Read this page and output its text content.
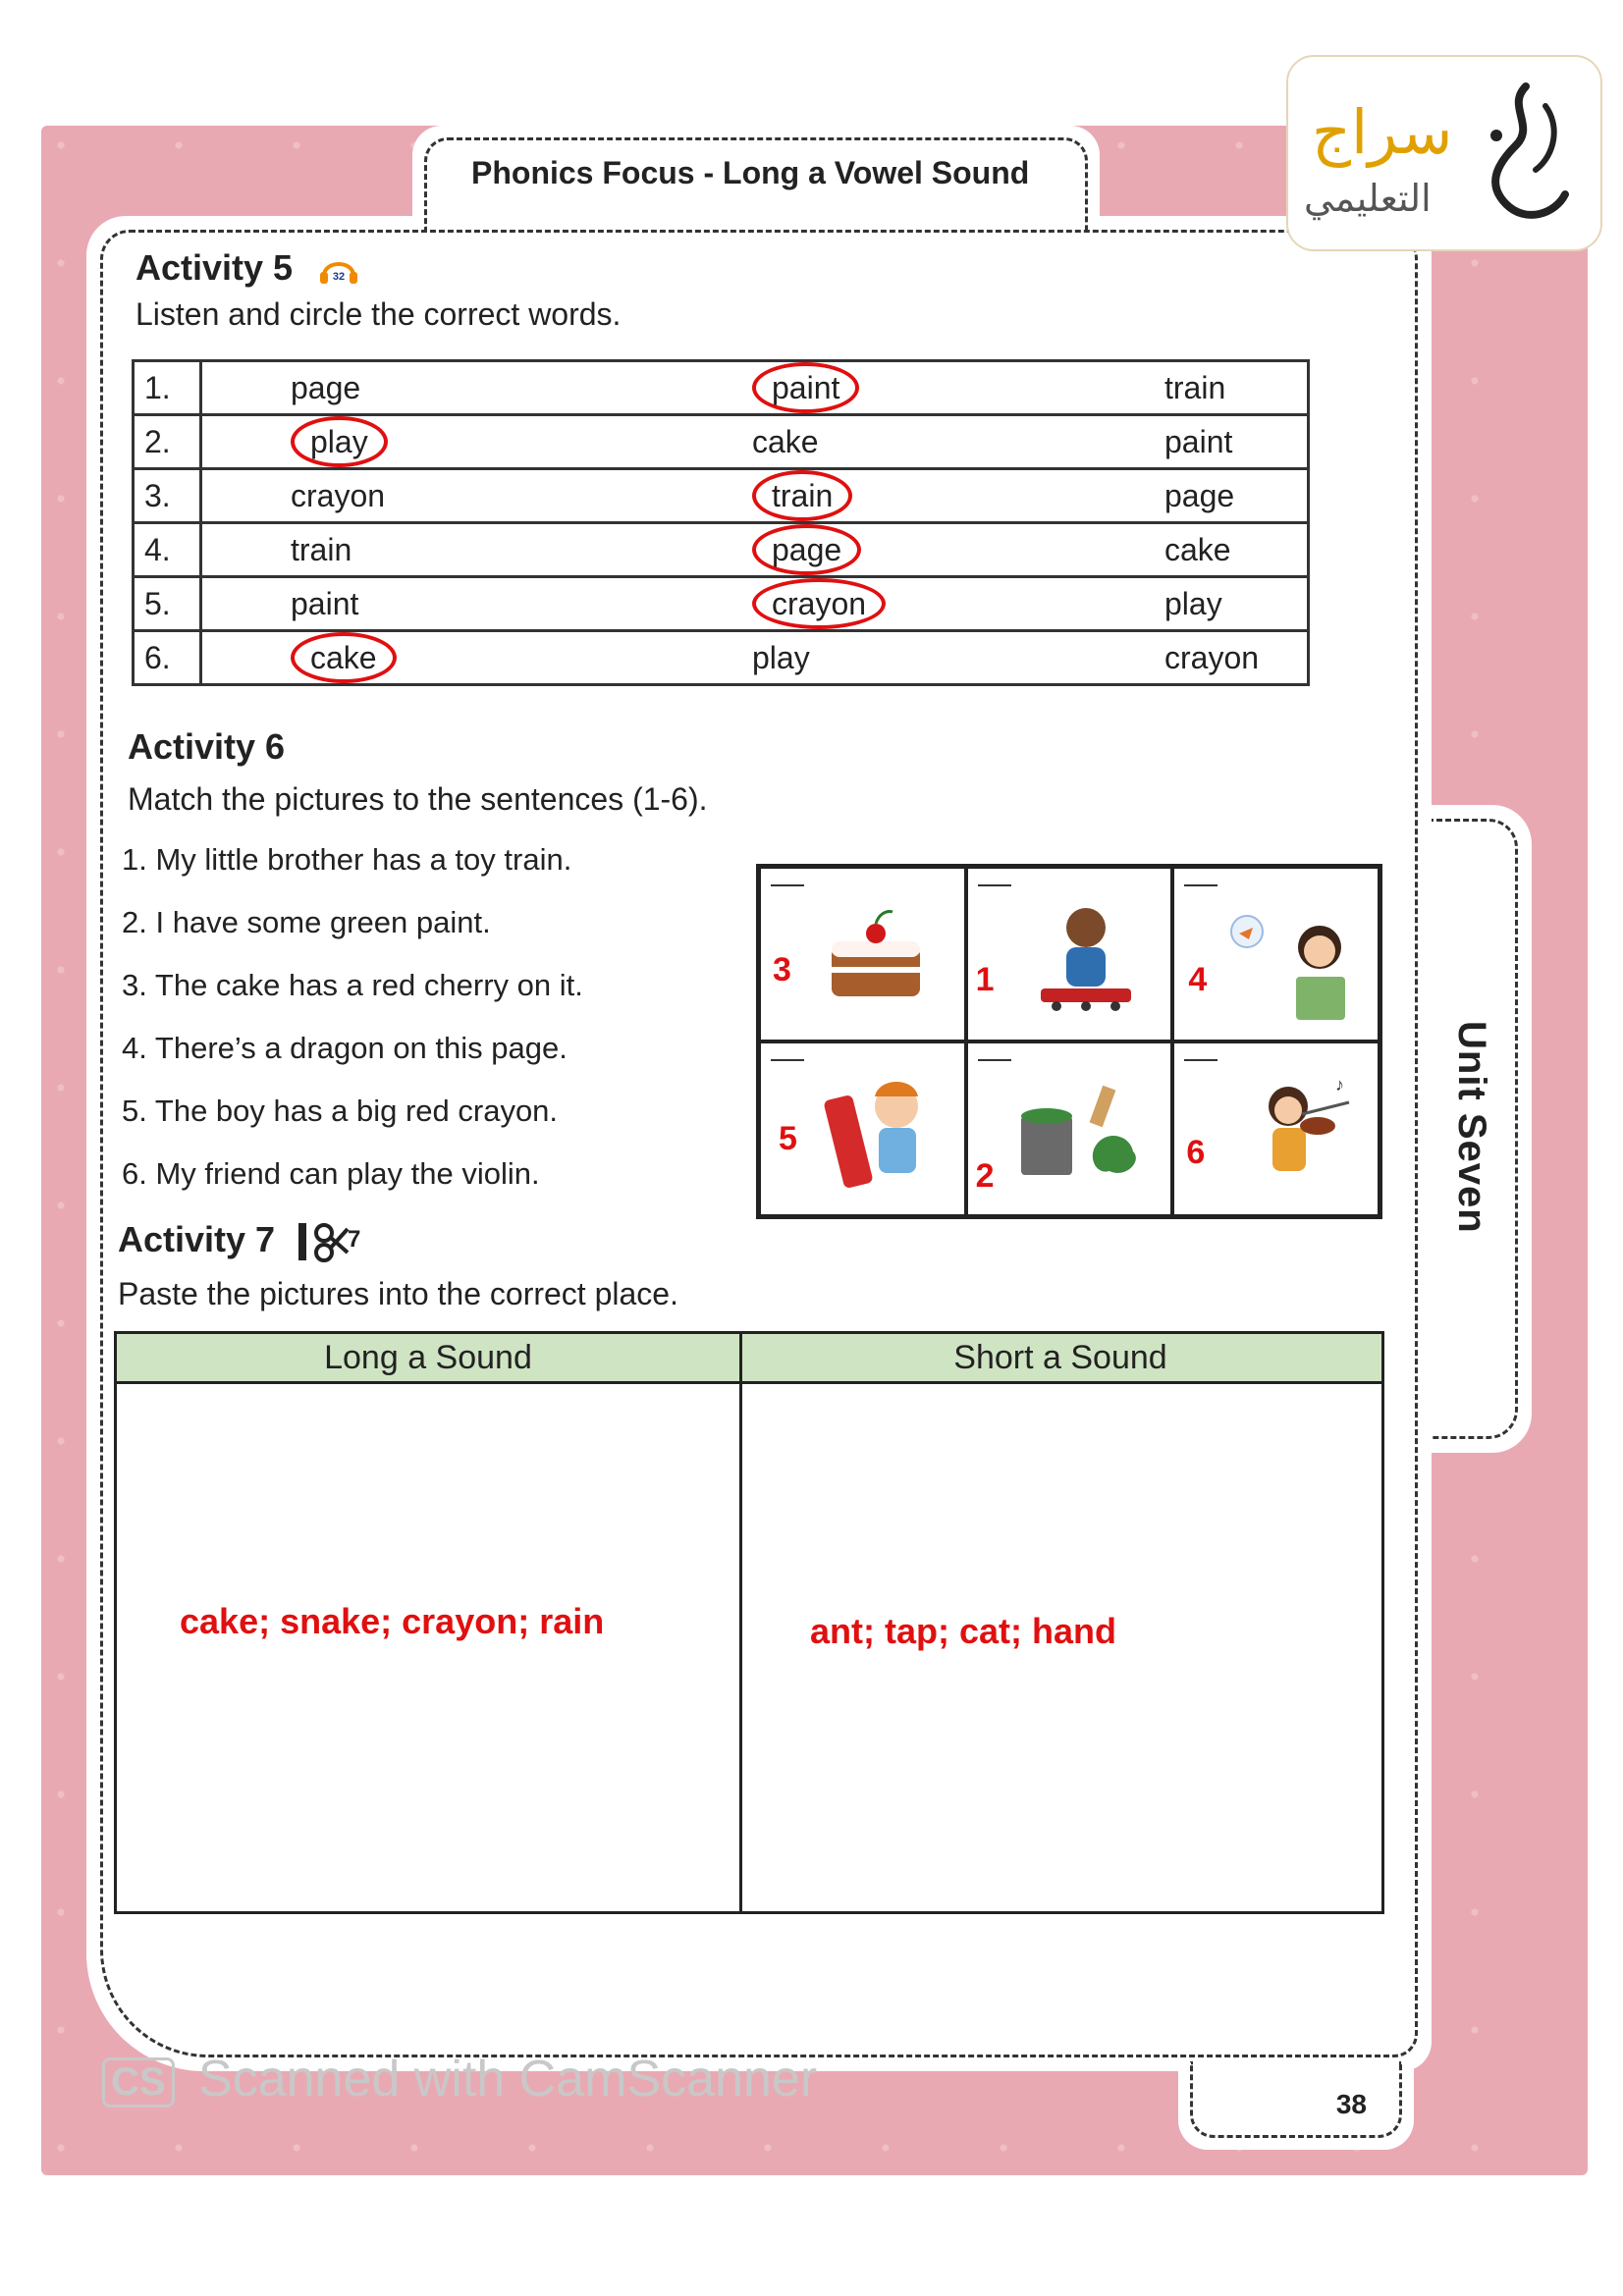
Unit Seven
Phonics Focus - Long a Vowel Sound
سراج
التعليمي
Activity 5	32
Listen and circle the correct words.
1.	page	paint	train
2.	play	cake	paint
3.	crayon	train	page
4.	train	page	cake
5.	paint	crayon	play
6.	cake	play	crayon
Activity 6
Match the pictures to the sentences (1-6).
1. My little brother has a toy train.
2. I have some green paint.
3. The cake has a red cherry on it.
4. There’s a dragon on this page.
5. The boy has a big red crayon.
6. My friend can play the violin.
3	1	4
5
2
♪
6
Activity 7	7
Paste the pictures into the correct place.
Long a Sound	Short a Sound
cake; snake; crayon; rain	ant; tap; cat; hand
38
CS Scanned with CamScanner
